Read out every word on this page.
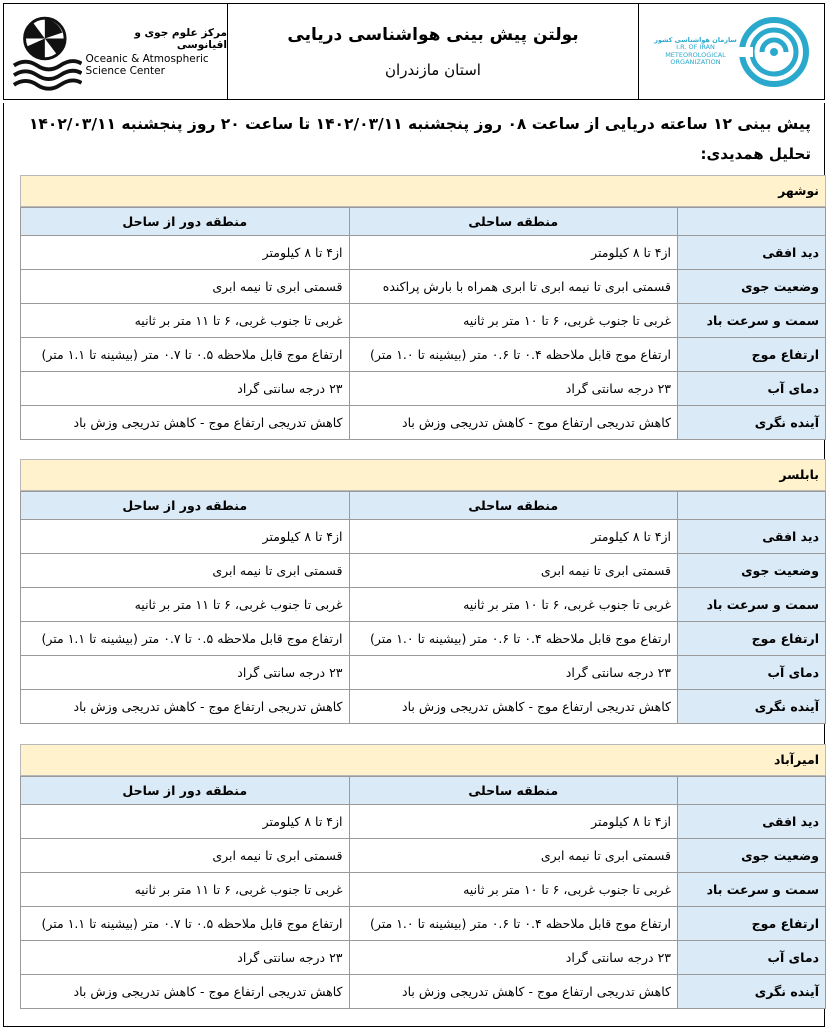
مرکز علوم جوی و اقیانوسی
Oceanic & Atmospheric
Science Center
بولتن پیش بینی هواشناسی دریایی
استان مازندران
سازمان هواشناسی کشور
I.R. OF IRAN
METEOROLOGICAL
ORGANIZATION
پیش بینی ۱۲ ساعته دریایی از ساعت ۰۸ روز پنجشنبه ۱۴۰۲/۰۳/۱۱ تا ساعت ۲۰ روز پنجشنبه ۱۴۰۲/۰۳/۱۱
تحلیل همدیدی:
نوشهر
	منطقه ساحلی	منطقه دور از ساحل
دید افقی	از۴ تا ۸ کیلومتر	از۴ تا ۸ کیلومتر
وضعیت جوی	قسمتی ابری تا نیمه ابری تا ابری همراه با بارش پراکنده	قسمتی ابری تا نیمه ابری
سمت و سرعت باد	غربی تا جنوب غربی، ۶ تا ۱۰ متر بر ثانیه	غربی تا جنوب غربی، ۶ تا ۱۱ متر بر ثانیه
ارتفاع موج	ارتفاع موج قابل ملاحظه ۰.۴ تا ۰.۶ متر (بیشینه تا ۱.۰ متر)	ارتفاع موج قابل ملاحظه ۰.۵ تا ۰.۷ متر (بیشینه تا ۱.۱ متر)
دمای آب	۲۳ درجه سانتی گراد	۲۳ درجه سانتی گراد
آینده نگری	کاهش تدریجی ارتفاع موج - کاهش تدریجی وزش باد	کاهش تدریجی ارتفاع موج - کاهش تدریجی وزش باد
بابلسر
	منطقه ساحلی	منطقه دور از ساحل
دید افقی	از۴ تا ۸ کیلومتر	از۴ تا ۸ کیلومتر
وضعیت جوی	قسمتی ابری تا نیمه ابری	قسمتی ابری تا نیمه ابری
سمت و سرعت باد	غربی تا جنوب غربی، ۶ تا ۱۰ متر بر ثانیه	غربی تا جنوب غربی، ۶ تا ۱۱ متر بر ثانیه
ارتفاع موج	ارتفاع موج قابل ملاحظه ۰.۴ تا ۰.۶ متر (بیشینه تا ۱.۰ متر)	ارتفاع موج قابل ملاحظه ۰.۵ تا ۰.۷ متر (بیشینه تا ۱.۱ متر)
دمای آب	۲۳ درجه سانتی گراد	۲۳ درجه سانتی گراد
آینده نگری	کاهش تدریجی ارتفاع موج - کاهش تدریجی وزش باد	کاهش تدریجی ارتفاع موج - کاهش تدریجی وزش باد
امیرآباد
	منطقه ساحلی	منطقه دور از ساحل
دید افقی	از۴ تا ۸ کیلومتر	از۴ تا ۸ کیلومتر
وضعیت جوی	قسمتی ابری تا نیمه ابری	قسمتی ابری تا نیمه ابری
سمت و سرعت باد	غربی تا جنوب غربی، ۶ تا ۱۰ متر بر ثانیه	غربی تا جنوب غربی، ۶ تا ۱۱ متر بر ثانیه
ارتفاع موج	ارتفاع موج قابل ملاحظه ۰.۴ تا ۰.۶ متر (بیشینه تا ۱.۰ متر)	ارتفاع موج قابل ملاحظه ۰.۵ تا ۰.۷ متر (بیشینه تا ۱.۱ متر)
دمای آب	۲۳ درجه سانتی گراد	۲۳ درجه سانتی گراد
آینده نگری	کاهش تدریجی ارتفاع موج - کاهش تدریجی وزش باد	کاهش تدریجی ارتفاع موج - کاهش تدریجی وزش باد
